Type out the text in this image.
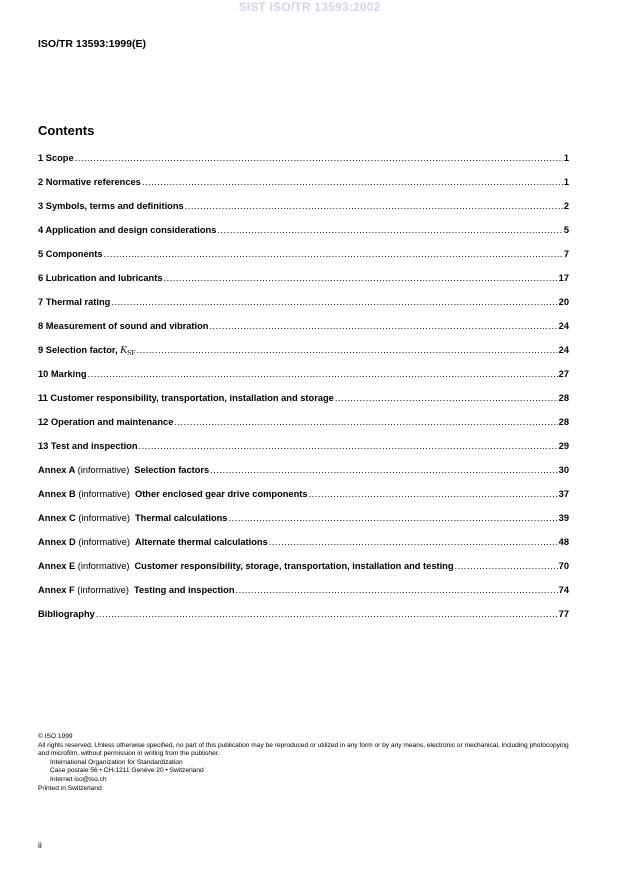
SIST ISO/TR 13593:2002
ISO/TR 13593:1999(E)
Contents
1 Scope .....	1
2 Normative references .....	1
3 Symbols, terms and definitions .....	2
4 Application and design considerations .....	5
5 Components .....	7
6 Lubrication and lubricants .....	17
7 Thermal rating .....	20
8 Measurement of sound and vibration .....	24
9 Selection factor, $K_{SF}$ .....	24
10 Marking .....	27
11 Customer responsibility, transportation, installation and storage .....	28
12 Operation and maintenance .....	28
13 Test and inspection .....	29
Annex A (informative) Selection factors .....	30
Annex B (informative) Other enclosed gear drive components .....	37
Annex C (informative) Thermal calculations .....	39
Annex D (informative) Alternate thermal calculations .....	48
Annex E (informative) Customer responsibility, storage, transportation, installation and testing .....	70
Annex F (informative) Testing and inspection .....	74
Bibliography .....	77
© ISO 1999
All rights reserved. Unless otherwise specified, no part of this publication may be reproduced or utilized in any form or by any means, electronic or mechanical, including photocopying and microfilm, without permission in writing from the publisher.
International Organization for Standardization
Case postale 56 • CH-1211 Genève 20 • Switzerland
Internet iso@iso.ch
Printed in Switzerland
ii
